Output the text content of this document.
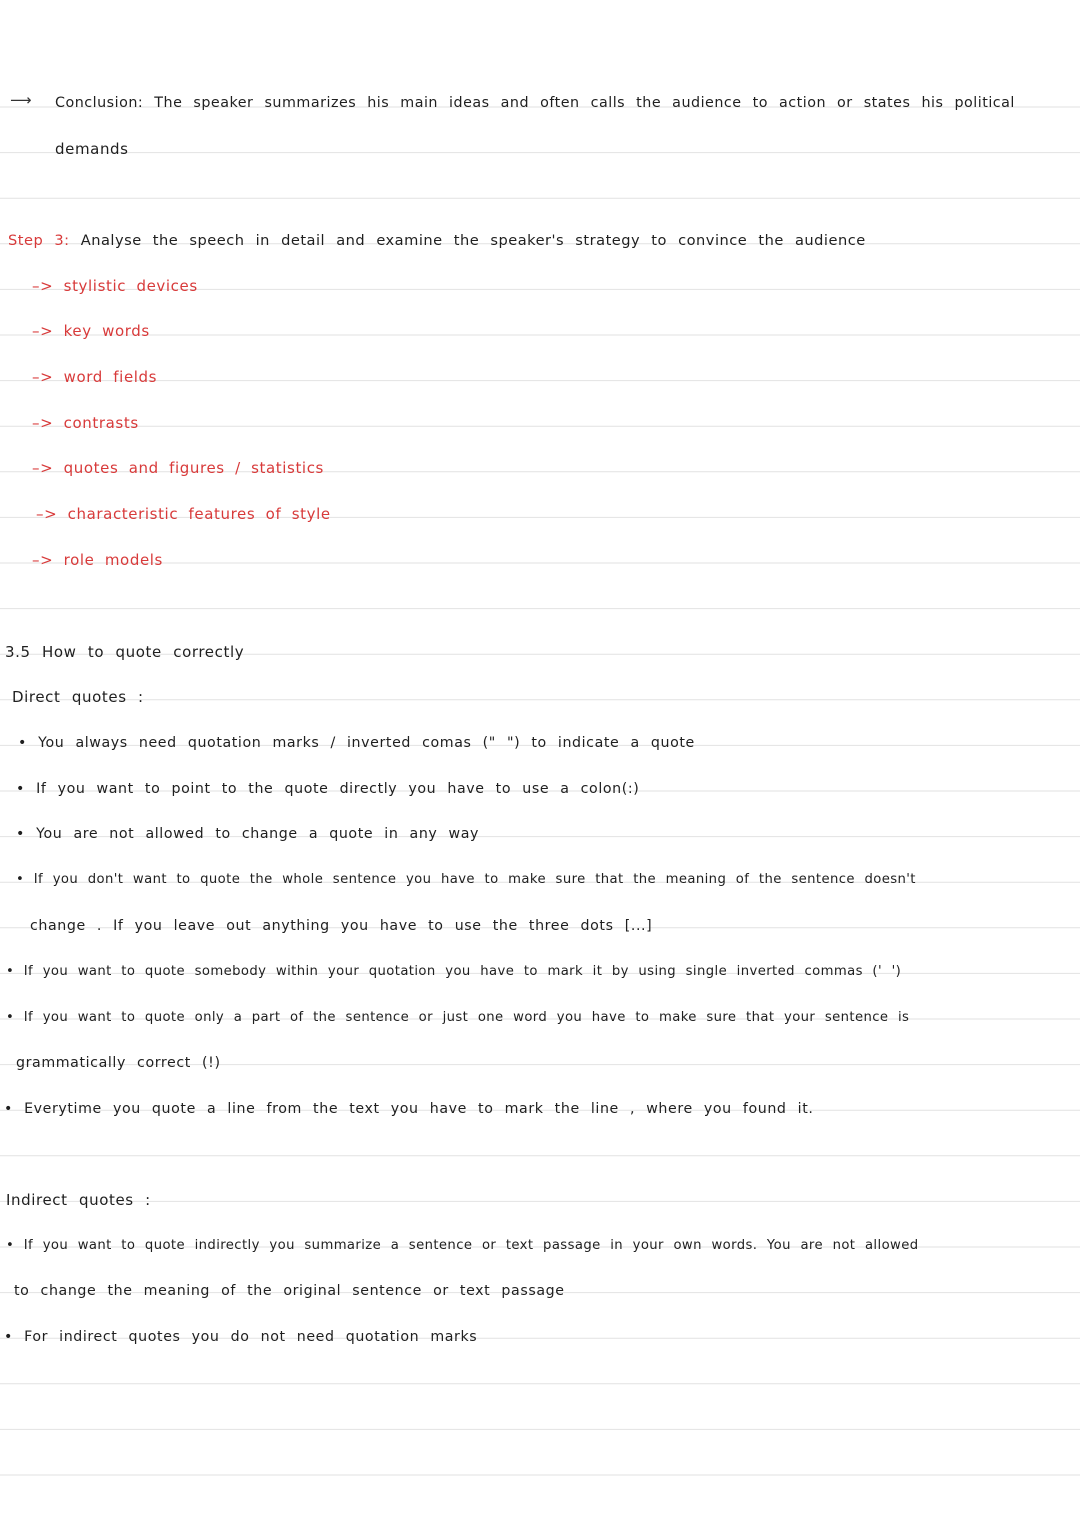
⟶ Conclusion: The speaker summarizes his main ideas and often calls the audience to action or states his political
demands
Step 3: Analyse the speech in detail and examine the speaker's strategy to convince the audience
–> stylistic devices
–> key words
–> word fields
–> contrasts
–> quotes and figures / statistics
–> characteristic features of style
–> role models
3.5 How to quote correctly
Direct quotes :
• You always need quotation marks / inverted comas (" ") to indicate a quote
• If you want to point to the quote directly you have to use a colon(:)
• You are not allowed to change a quote in any way
• If you don't want to quote the whole sentence you have to make sure that the meaning of the sentence doesn't
change . If you leave out anything you have to use the three dots [...]
• If you want to quote somebody within your quotation you have to mark it by using single inverted commas (' ')
• If you want to quote only a part of the sentence or just one word you have to make sure that your sentence is
grammatically correct (!)
• Everytime you quote a line from the text you have to mark the line , where you found it.
Indirect quotes :
• If you want to quote indirectly you summarize a sentence or text passage in your own words. You are not allowed
to change the meaning of the original sentence or text passage
• For indirect quotes you do not need quotation marks
